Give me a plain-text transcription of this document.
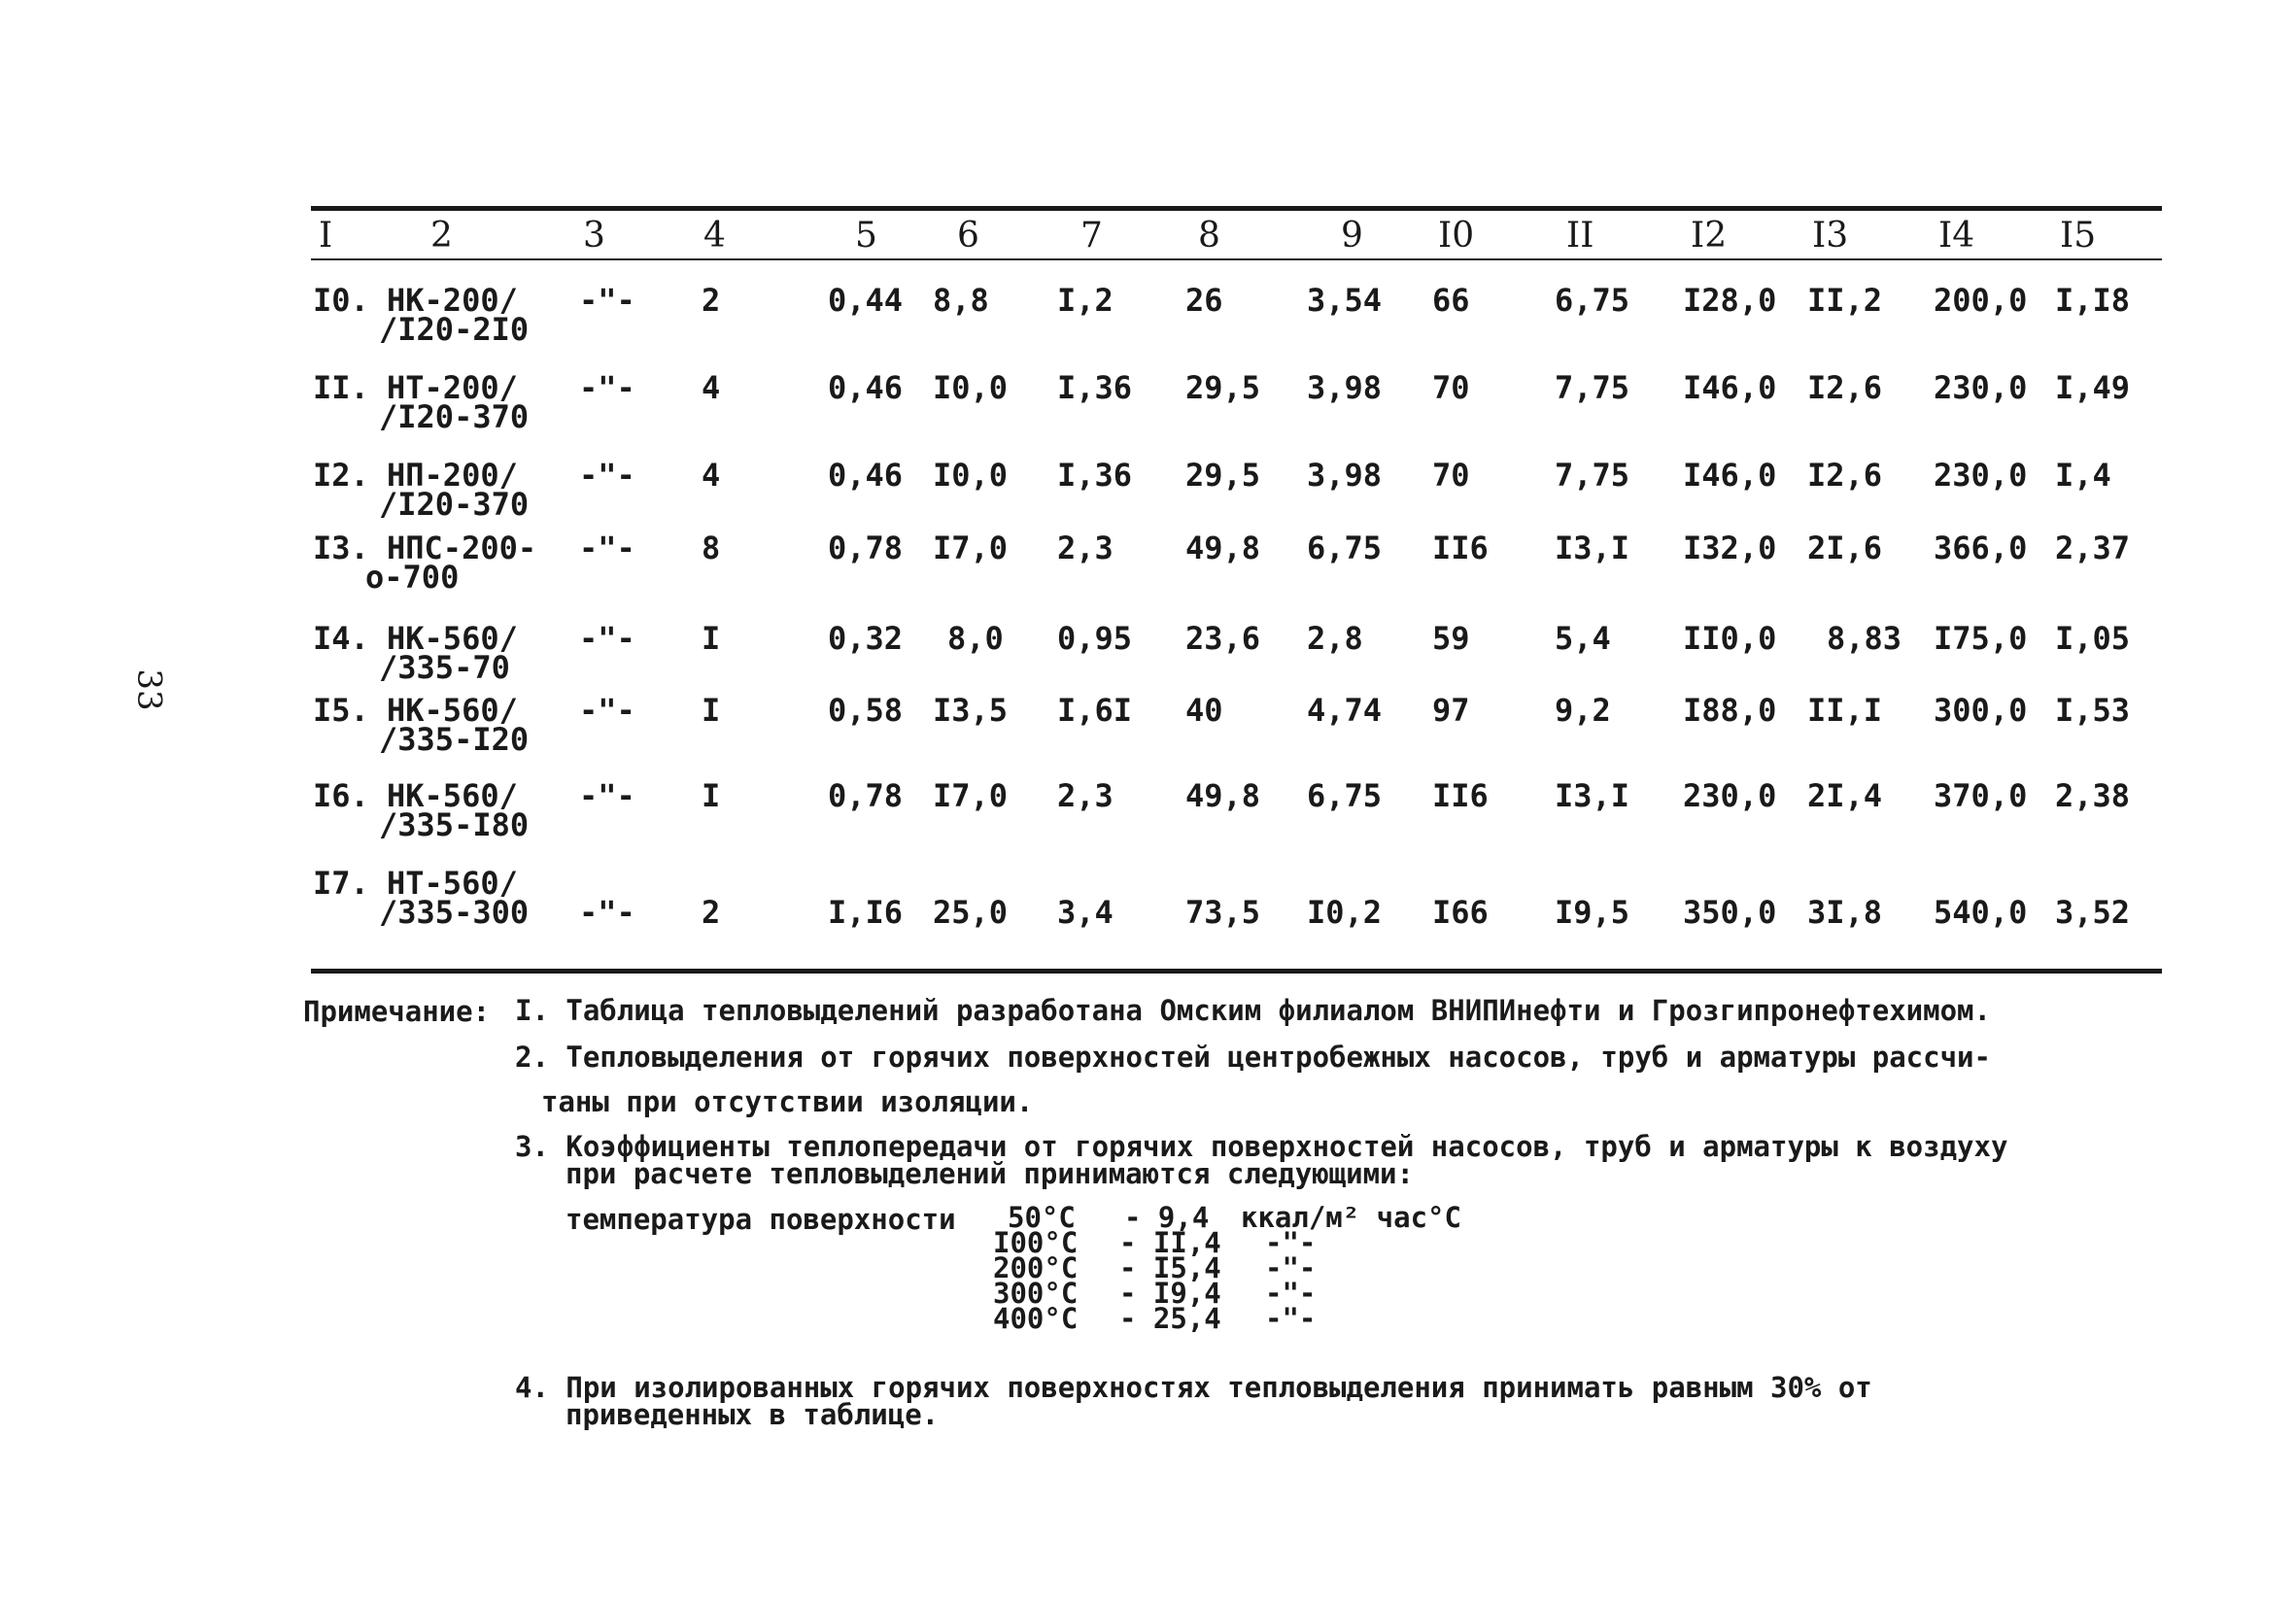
33
I	2	3	4	5 6	7	8	9 I0	II	I2 I3	I4 I5
I0. НК-200/
/I20-2I0
-"- 2	0,44 8,8 I,2 26	3,54 66	6,75 I28,0 II,2 200,0 I,I8
II. НТ-200/
/I20-370
-"- 4	0,46 I0,0 I,36 29,5 3,98 70	7,75 I46,0 I2,6 230,0 I,49
I2. НП-200/
/I20-370
-"- 4	0,46 I0,0 I,36 29,5 3,98 70	7,75 I46,0 I2,6 230,0 I,4
I3. НПС-200-
о-700
-"- 8	0,78 I7,0 2,3 49,8 6,75 II6 I3,I I32,0 2I,6 366,0 2,37
I4. НК-560/
/335-70
-"- I	0,32 8,0 0,95 23,6 2,8 59	5,4 II0,0 8,83 I75,0 I,05
I5. НК-560/
/335-I20
-"- I	0,58 I3,5 I,6I 40	4,74 97	9,2 I88,0 II,I 300,0 I,53
I6. НК-560/
/335-I80
-"- I	0,78 I7,0 2,3 49,8 6,75 II6 I3,I 230,0 2I,4 370,0 2,38
I7. НТ-560/
/335-300 -"- 2	I,I6 25,0 3,4 73,5 I0,2 I66 I9,5 350,0 3I,8 540,0 3,52
Примечание: I. Таблица тепловыделений разработана Омским филиалом ВНИПИнефти и Грозгипронефтехимом.
2. Тепловыделения от горячих поверхностей центробежных насосов, труб и арматуры рассчи-
таны при отсутствии изоляции.
3. Коэффициенты теплопередачи от горячих поверхностей насосов, труб и арматуры к воздуху
при расчете тепловыделений принимаются следующими:
температура поверхности	50°C - 9,4 ккал/м² час°C
I00°C - II,4 -"-
200°C - I5,4 -"-
300°C - I9,4 -"-
400°C - 25,4 -"-
4. При изолированных горячих поверхностях тепловыделения принимать равным 30% от
приведенных в таблице.
